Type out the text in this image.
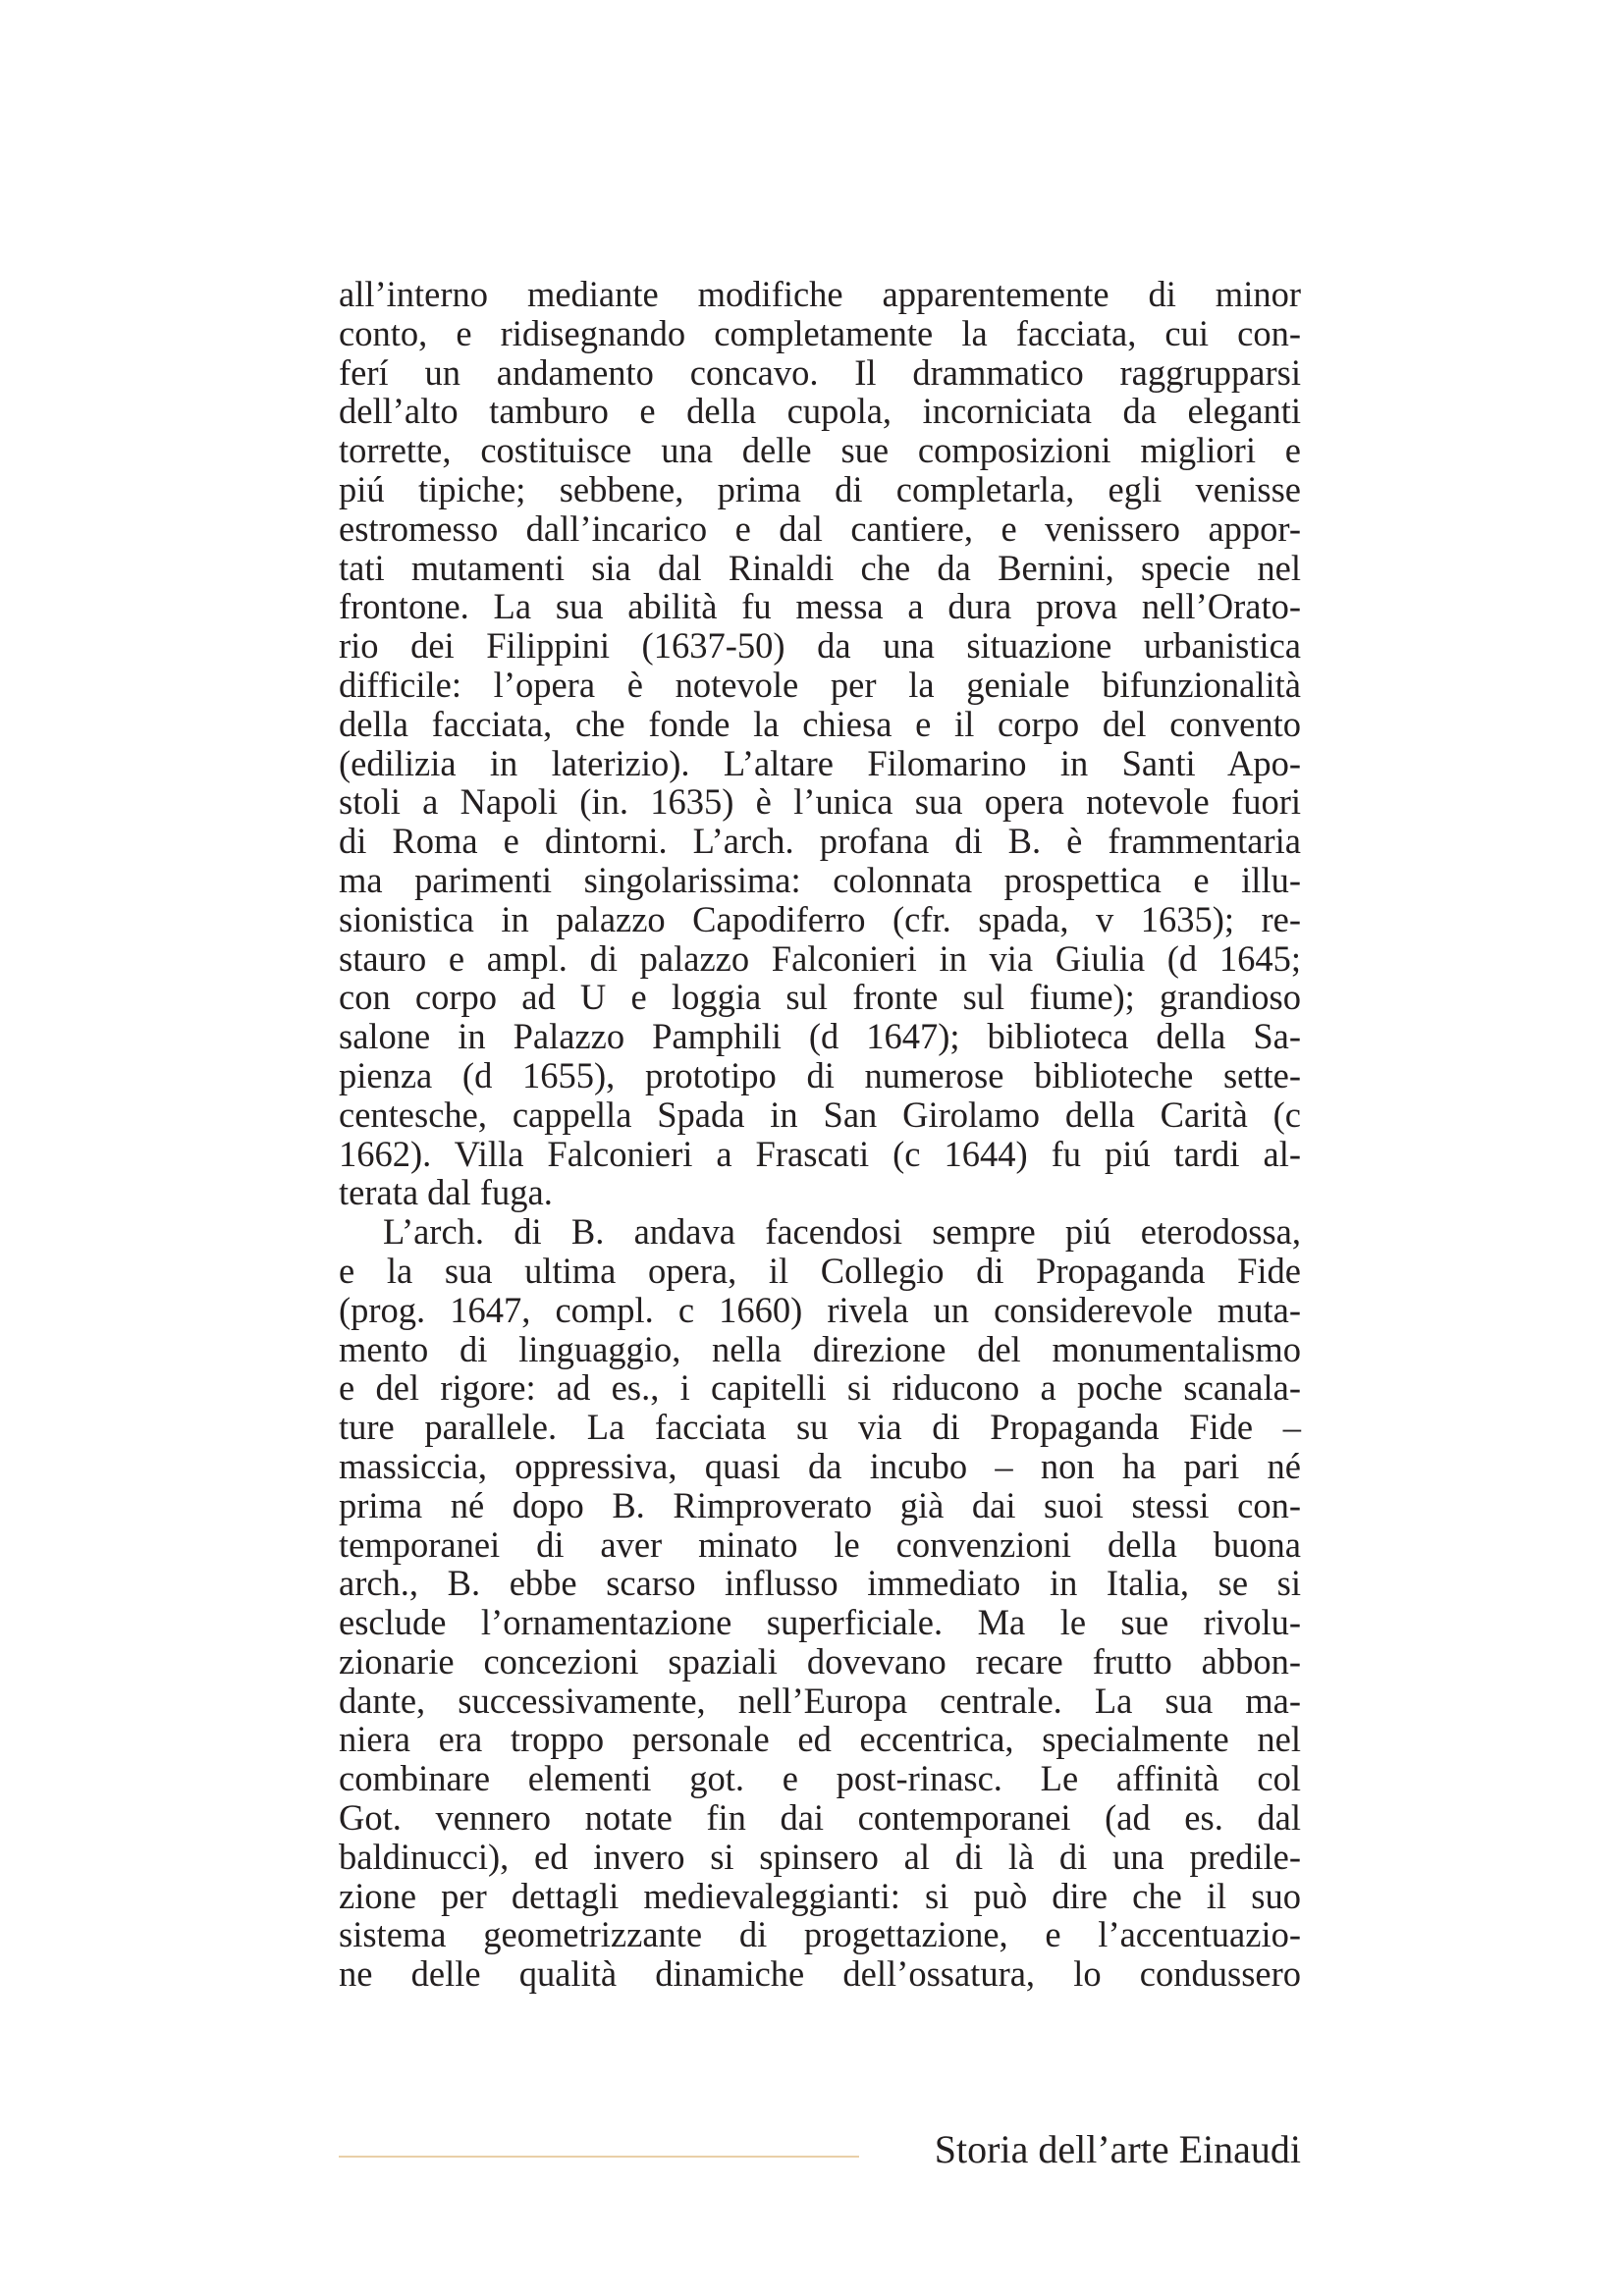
all’interno mediante modifiche apparentemente di minor
conto, e ridisegnando completamente la facciata, cui con-
ferí un andamento concavo. Il drammatico raggrupparsi
dell’alto tamburo e della cupola, incorniciata da eleganti
torrette, costituisce una delle sue composizioni migliori e
piú tipiche; sebbene, prima di completarla, egli venisse
estromesso dall’incarico e dal cantiere, e venissero appor-
tati mutamenti sia dal Rinaldi che da Bernini, specie nel
frontone. La sua abilità fu messa a dura prova nell’Orato-
rio dei Filippini (1637-50) da una situazione urbanistica
difficile: l’opera è notevole per la geniale bifunzionalità
della facciata, che fonde la chiesa e il corpo del convento
(edilizia in laterizio). L’altare Filomarino in Santi Apo-
stoli a Napoli (in. 1635) è l’unica sua opera notevole fuori
di Roma e dintorni. L’arch. profana di B. è frammentaria
ma parimenti singolarissima: colonnata prospettica e illu-
sionistica in palazzo Capodiferro (cfr. spada, v 1635); re-
stauro e ampl. di palazzo Falconieri in via Giulia (d 1645;
con corpo ad U e loggia sul fronte sul fiume); grandioso
salone in Palazzo Pamphili (d 1647); biblioteca della Sa-
pienza (d 1655), prototipo di numerose biblioteche sette-
centesche, cappella Spada in San Girolamo della Carità (c
1662). Villa Falconieri a Frascati (c 1644) fu piú tardi al-
terata dal fuga.
L’arch. di B. andava facendosi sempre piú eterodossa,
e la sua ultima opera, il Collegio di Propaganda Fide
(prog. 1647, compl. c 1660) rivela un considerevole muta-
mento di linguaggio, nella direzione del monumentalismo
e del rigore: ad es., i capitelli si riducono a poche scanala-
ture parallele. La facciata su via di Propaganda Fide –
massiccia, oppressiva, quasi da incubo – non ha pari né
prima né dopo B. Rimproverato già dai suoi stessi con-
temporanei di aver minato le convenzioni della buona
arch., B. ebbe scarso influsso immediato in Italia, se si
esclude l’ornamentazione superficiale. Ma le sue rivolu-
zionarie concezioni spaziali dovevano recare frutto abbon-
dante, successivamente, nell’Europa centrale. La sua ma-
niera era troppo personale ed eccentrica, specialmente nel
combinare elementi got. e post-rinasc. Le affinità col
Got. vennero notate fin dai contemporanei (ad es. dal
baldinucci), ed invero si spinsero al di là di una predile-
zione per dettagli medievaleggianti: si può dire che il suo
sistema geometrizzante di progettazione, e l’accentuazio-
ne delle qualità dinamiche dell’ossatura, lo condussero
Storia dell’arte Einaudi
